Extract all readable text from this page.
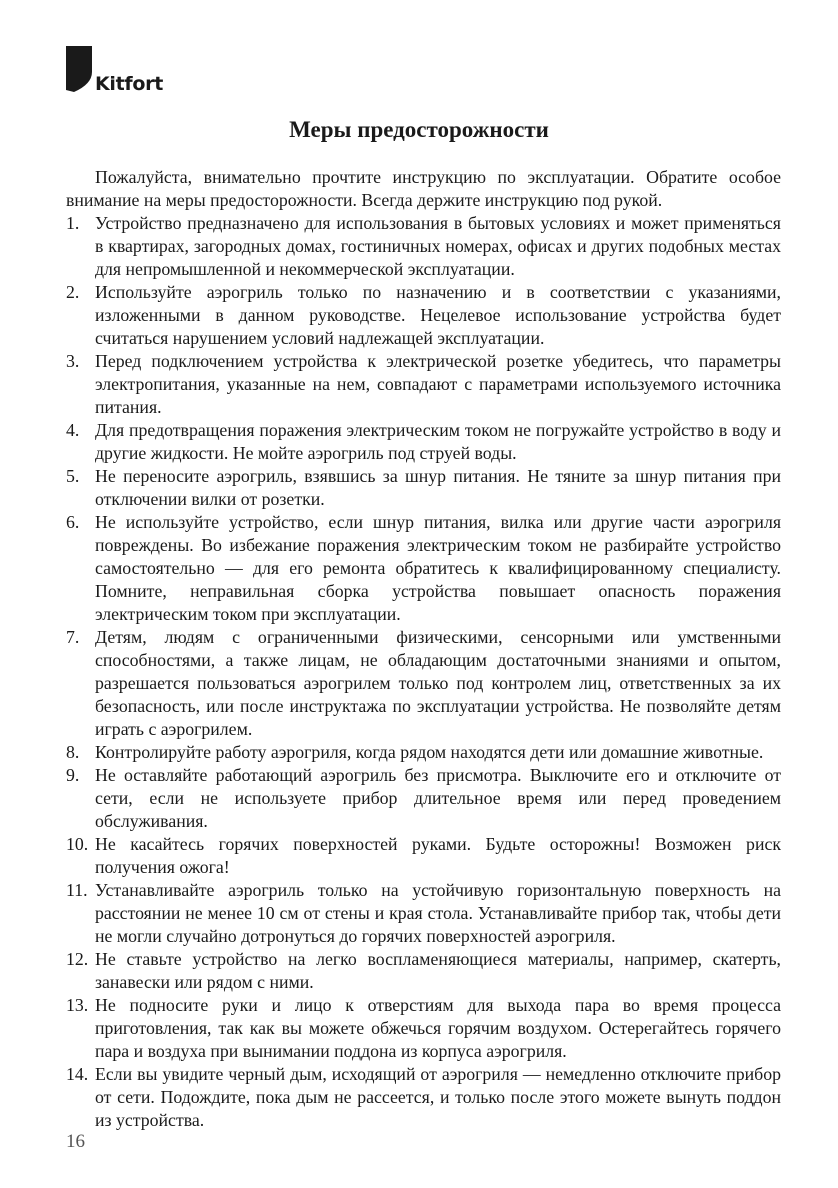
Kitfort
Меры предосторожности

Пожалуйста, внимательно прочтите инструкцию по эксплуатации. Обратите особое внимание на меры предосторожности. Всегда держите инструкцию под рукой.

1. Устройство предназначено для использования в бытовых условиях и может применяться в квартирах, загородных домах, гостиничных номерах, офисах и других подобных местах для непромышленной и некоммерческой эксплуатации.
2. Используйте аэрогриль только по назначению и в соответствии с указаниями, изложенными в данном руководстве. Нецелевое использование устройства будет считаться нарушением условий надлежащей эксплуатации.
3. Перед подключением устройства к электрической розетке убедитесь, что параметры электропитания, указанные на нем, совпадают с параметрами используемого источника питания.
4. Для предотвращения поражения электрическим током не погружайте устройство в воду и другие жидкости. Не мойте аэрогриль под струей воды.
5. Не переносите аэрогриль, взявшись за шнур питания. Не тяните за шнур питания при отключении вилки от розетки.
6. Не используйте устройство, если шнур питания, вилка или другие части аэрогриля повреждены. Во избежание поражения электрическим током не разбирайте устройство самостоятельно — для его ремонта обратитесь к квалифицированному специалисту. Помните, неправильная сборка устройства повышает опасность поражения электрическим током при эксплуатации.
7. Детям, людям с ограниченными физическими, сенсорными или умственными способностями, а также лицам, не обладающим достаточными знаниями и опытом, разрешается пользоваться аэрогрилем только под контролем лиц, ответственных за их безопасность, или после инструктажа по эксплуатации устройства. Не позволяйте детям играть с аэрогрилем.
8. Контролируйте работу аэрогриля, когда рядом находятся дети или домашние животные.
9. Не оставляйте работающий аэрогриль без присмотра. Выключите его и отключите от сети, если не используете прибор длительное время или перед проведением обслуживания.
10. Не касайтесь горячих поверхностей руками. Будьте осторожны! Возможен риск получения ожога!
11. Устанавливайте аэрогриль только на устойчивую горизонтальную поверхность на расстоянии не менее 10 см от стены и края стола. Устанавливайте прибор так, чтобы дети не могли случайно дотронуться до горячих поверхностей аэрогриля.
12. Не ставьте устройство на легко воспламеняющиеся материалы, например, скатерть, занавески или рядом с ними.
13. Не подносите руки и лицо к отверстиям для выхода пара во время процесса приготовления, так как вы можете обжечься горячим воздухом. Остерегайтесь горячего пара и воздуха при вынимании поддона из корпуса аэрогриля.
14. Если вы увидите черный дым, исходящий от аэрогриля — немедленно отключите прибор от сети. Подождите, пока дым не рассеется, и только после этого можете вынуть поддон из устройства.
16
